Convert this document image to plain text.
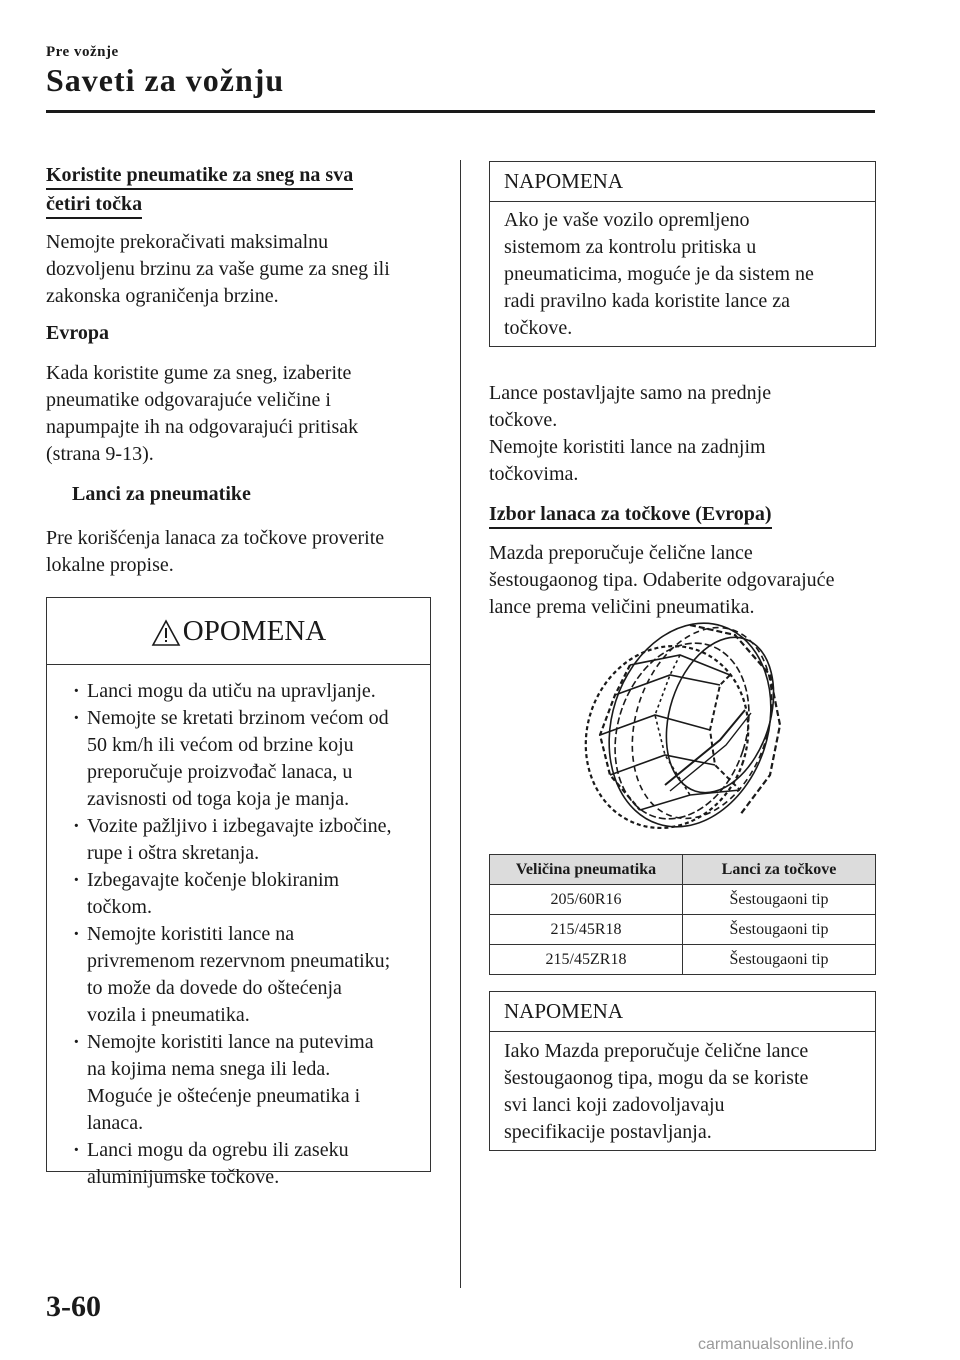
Pre vožnje
Saveti za vožnju
Koristite pneumatike za sneg na sva
četiri točka

Nemojte prekoračivati maksimalnu

dozvoljenu brzinu za vaše gume za sneg ili

zakonska ograničenja brzine.

Evropa

Kada koristite gume za sneg, izaberite

pneumatike odgovarajuće veličine i

napumpajte ih na odgovarajući pritisak

(strana 9-13).

Lanci za pneumatike

Pre korišćenja lanaca za točkove proverite

lokalne propise.

OPOMENA
· Lanci mogu da utiču na upravljanje.
· Nemojte se kretati brzinom većom od
50 km/h ili većom od brzine koju
preporučuje proizvođač lanaca, u
zavisnosti od toga koja je manja.
· Vozite pažljivo i izbegavajte izbočine,
rupe i oštra skretanja.
· Izbegavajte kočenje blokiranim
točkom.
· Nemojte koristiti lance na
privremenom rezervnom pneumatiku;
to može da dovede do oštećenja
vozila i pneumatika.
· Nemojte koristiti lance na putevima
na kojima nema snega ili leda.
Moguće je oštećenje pneumatika i
lanaca.
· Lanci mogu da ogrebu ili zaseku
aluminijumske točkove.
NAPOMENA

Ako je vaše vozilo opremljeno

sistemom za kontrolu pritiska u

pneumaticima, moguće je da sistem ne

radi pravilno kada koristite lance za

točkove.

Lance postavljajte samo na prednje

točkove.

Nemojte koristiti lance na zadnjim

točkovima.

Izbor lanaca za točkove (Evropa)

Mazda preporučuje čelične lance

šestougaonog tipa. Odaberite odgovarajuće

lance prema veličini pneumatika.

Veličina pneumatika	Lanci za točkove
205/60R16	Šestougaoni tip
215/45R18	Šestougaoni tip
215/45ZR18	Šestougaoni tip
NAPOMENA

Iako Mazda preporučuje čelične lance

šestougaonog tipa, mogu da se koriste

svi lanci koji zadovoljavaju

specifikacije postavljanja.

3-60
carmanualsonline.info
